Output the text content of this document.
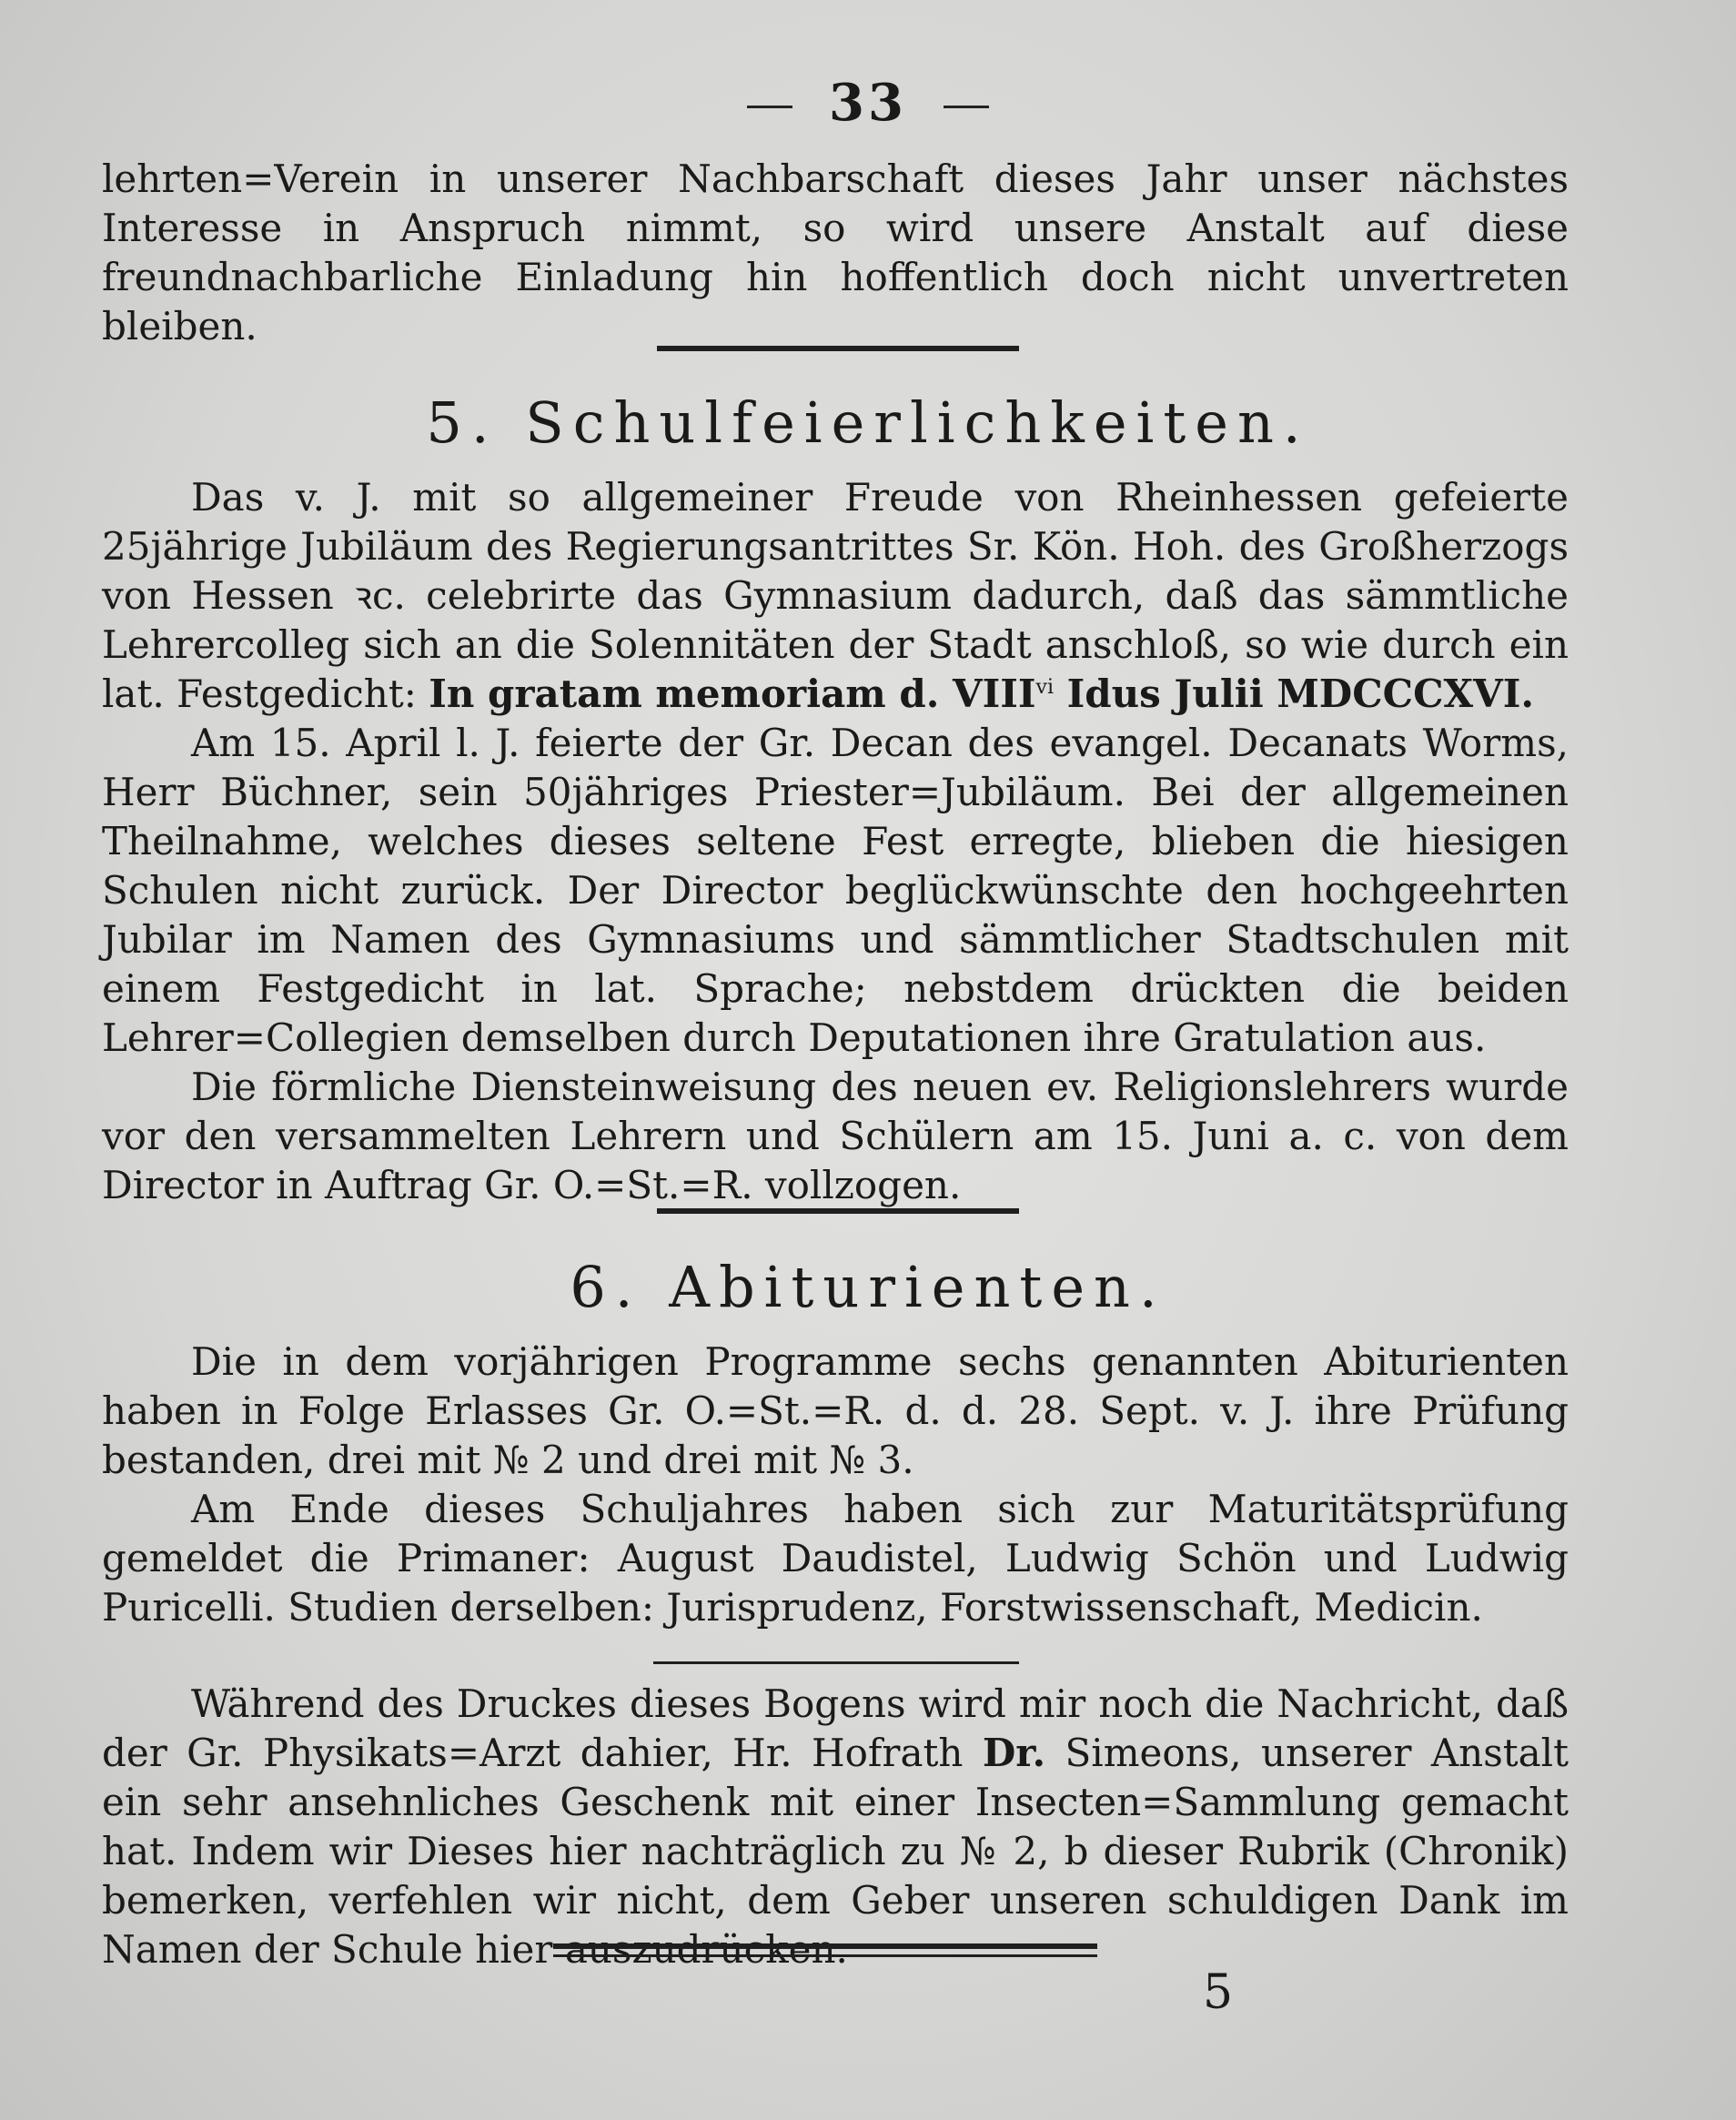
33

lehrten=Verein in unserer Nachbarschaft dieses Jahr unser nächstes Interesse in Anspruch nimmt, so wird unsere Anstalt auf diese freundnachbarliche Einladung hin hoffentlich doch nicht unvertreten bleiben.

5. Schulfeierlichkeiten.

Das v. J. mit so allgemeiner Freude von Rheinhessen gefeierte 25jährige Jubiläum des Regierungsantrittes Sr. Kön. Hoh. des Großherzogs von Hessen ꝛc. celebrirte das Gymnasium dadurch, daß das sämmtliche Lehrercolleg sich an die Solennitäten der Stadt anschloß, so wie durch ein lat. Festgedicht: In gratam memoriam d. VIII$^{vi}$ Idus Julii MDCCCXVI.

Am 15. April l. J. feierte der Gr. Decan des evangel. Decanats Worms, Herr Büchner, sein 50jähriges Priester=Jubiläum. Bei der allgemeinen Theilnahme, welches dieses seltene Fest erregte, blieben die hiesigen Schulen nicht zurück. Der Director beglückwünschte den hochgeehrten Jubilar im Namen des Gymnasiums und sämmtlicher Stadtschulen mit einem Festgedicht in lat. Sprache; nebstdem drückten die beiden Lehrer=Collegien demselben durch Deputationen ihre Gratulation aus.

Die förmliche Diensteinweisung des neuen ev. Religionslehrers wurde vor den versammelten Lehrern und Schülern am 15. Juni a. c. von dem Director in Auftrag Gr. O.=St.=R. vollzogen.

6. Abiturienten.

Die in dem vorjährigen Programme sechs genannten Abiturienten haben in Folge Erlasses Gr. O.=St.=R. d. d. 28. Sept. v. J. ihre Prüfung bestanden, drei mit № 2 und drei mit № 3.

Am Ende dieses Schuljahres haben sich zur Maturitätsprüfung gemeldet die Primaner: August Daudistel, Ludwig Schön und Ludwig Puricelli. Studien derselben: Jurisprudenz, Forstwissenschaft, Medicin.

Während des Druckes dieses Bogens wird mir noch die Nachricht, daß der Gr. Physikats=Arzt dahier, Hr. Hofrath Dr. Simeons, unserer Anstalt ein sehr ansehnliches Geschenk mit einer Insecten=Sammlung gemacht hat. Indem wir Dieses hier nachträglich zu № 2, b dieser Rubrik (Chronik) bemerken, verfehlen wir nicht, dem Geber unseren schuldigen Dank im Namen der Schule hier auszudrücken.

5
